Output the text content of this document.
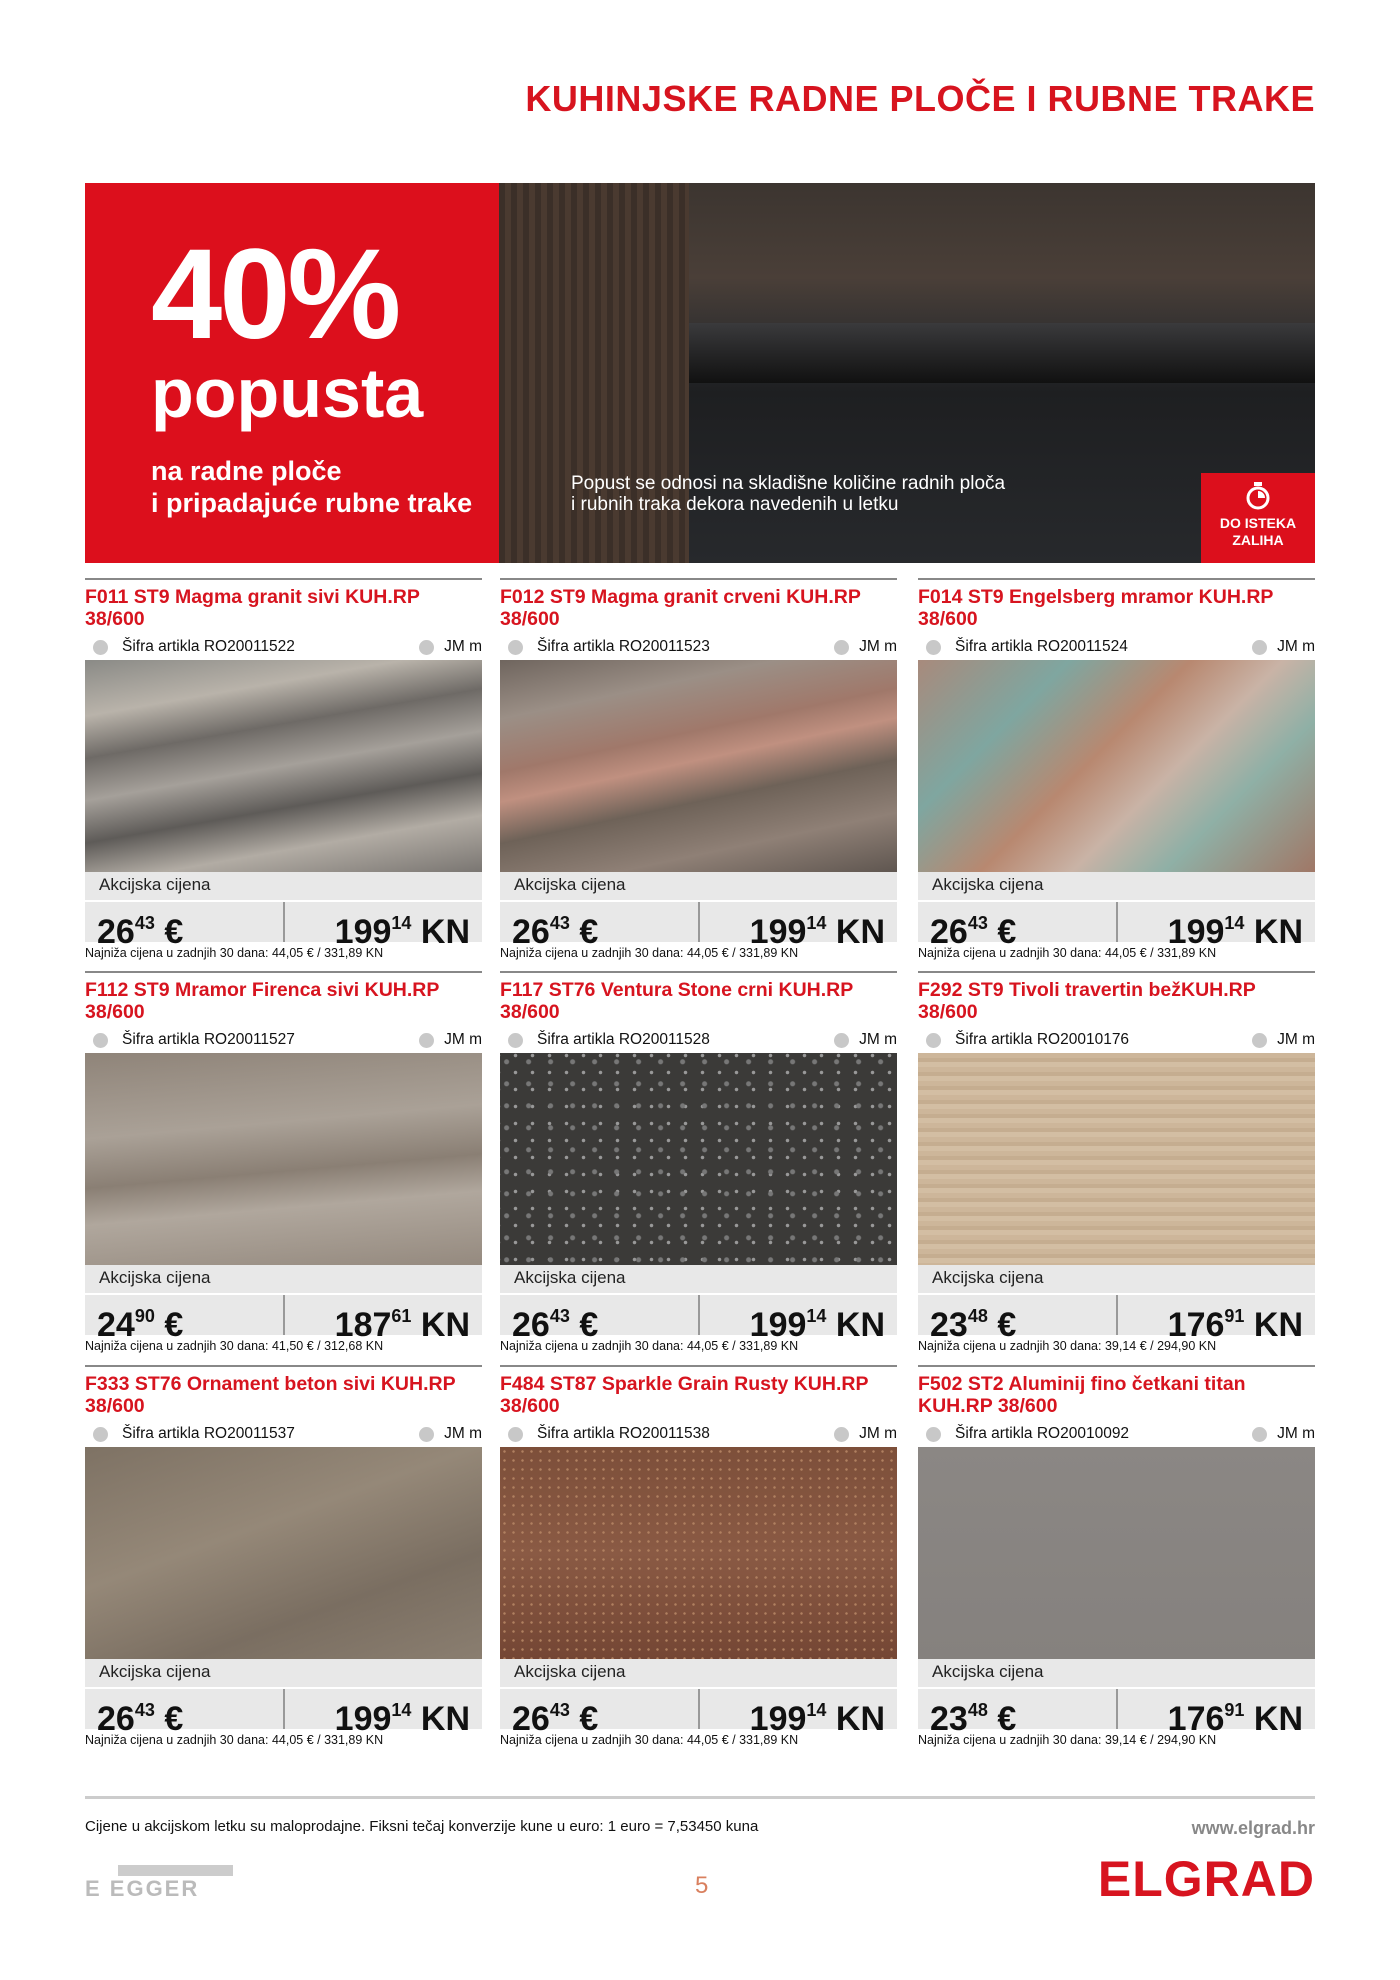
KUHINJSKE RADNE PLOČE I RUBNE TRAKE
40%
popusta
na radne ploče
i pripadajuće rubne trake
Popust se odnosi na skladišne količine radnih ploča
i rubnih traka dekora navedenih u letku
DO ISTEKA
ZALIHA
F011 ST9 Magma granit sivi KUH.RP 38/600
Šifra artikla
RO20011522	JM m
Akcijska cijena
$26^{43}$ €	$199^{14}$ KN
Najniža cijena u zadnjih 30 dana: 44,05 € / 331,89 KN
F012 ST9 Magma granit crveni KUH.RP 38/600
Šifra artikla
RO20011523	JM m
Akcijska cijena
$26^{43}$ €	$199^{14}$ KN
Najniža cijena u zadnjih 30 dana: 44,05 € / 331,89 KN
F014 ST9 Engelsberg mramor KUH.RP 38/600
Šifra artikla
RO20011524	JM m
Akcijska cijena
$26^{43}$ €	$199^{14}$ KN
Najniža cijena u zadnjih 30 dana: 44,05 € / 331,89 KN
F112 ST9 Mramor Firenca sivi KUH.RP 38/600
Šifra artikla
RO20011527	JM m
Akcijska cijena
$24^{90}$ €	$187^{61}$ KN
Najniža cijena u zadnjih 30 dana: 41,50 € / 312,68 KN
F117 ST76 Ventura Stone crni KUH.RP 38/600
Šifra artikla
RO20011528	JM m
Akcijska cijena
$26^{43}$ €	$199^{14}$ KN
Najniža cijena u zadnjih 30 dana: 44,05 € / 331,89 KN
F292 ST9 Tivoli travertin bežKUH.RP 38/600
Šifra artikla
RO20010176	JM m
Akcijska cijena
$23^{48}$ €	$176^{91}$ KN
Najniža cijena u zadnjih 30 dana: 39,14 € / 294,90 KN
F333 ST76 Ornament beton sivi KUH.RP 38/600
Šifra artikla
RO20011537	JM m
Akcijska cijena
$26^{43}$ €	$199^{14}$ KN
Najniža cijena u zadnjih 30 dana: 44,05 € / 331,89 KN
F484 ST87 Sparkle Grain Rusty KUH.RP 38/600
Šifra artikla
RO20011538	JM m
Akcijska cijena
$26^{43}$ €	$199^{14}$ KN
Najniža cijena u zadnjih 30 dana: 44,05 € / 331,89 KN
F502 ST2 Aluminij fino četkani titan KUH.RP 38/600
Šifra artikla
RO20010092	JM m
Akcijska cijena
$23^{48}$ €	$176^{91}$ KN
Najniža cijena u zadnjih 30 dana: 39,14 € / 294,90 KN
Cijene u akcijskom letku su maloprodajne. Fiksni tečaj konverzije kune u euro: 1 euro = 7,53450 kuna	www.elgrad.hr
E EGGER	5	ELGRAD
